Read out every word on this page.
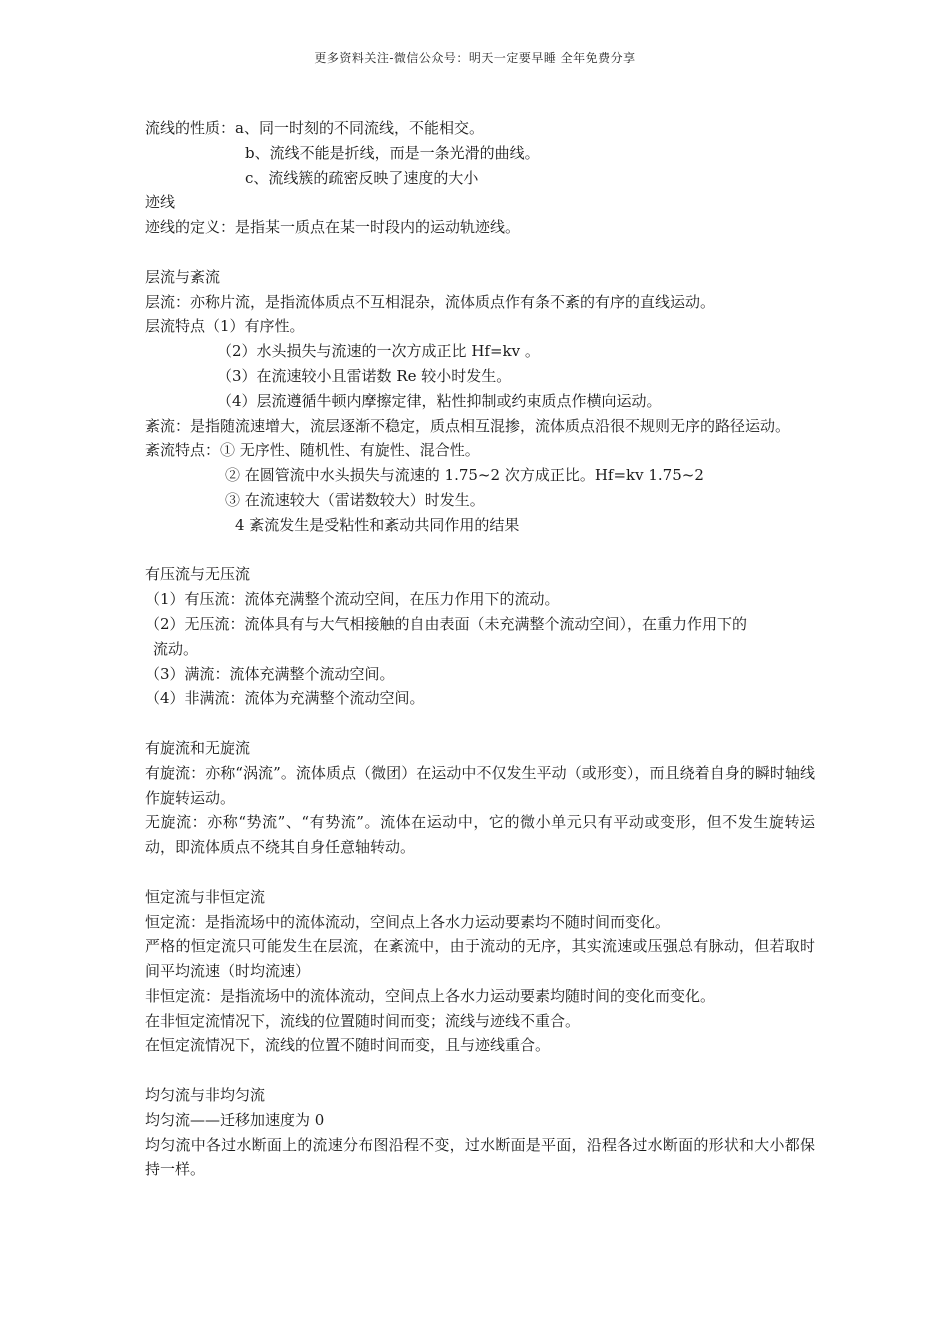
更多资料关注-微信公众号：明天一定要早睡 全年免费分享
流线的性质：a、同一时刻的不同流线，不能相交。
b、流线不能是折线，而是一条光滑的曲线。
c、流线簇的疏密反映了速度的大小
迹线
迹线的定义：是指某一质点在某一时段内的运动轨迹线。
层流与紊流
层流：亦称片流，是指流体质点不互相混杂，流体质点作有条不紊的有序的直线运动。
层流特点（1）有序性。
（2）水头损失与流速的一次方成正比 Hf=kv 。
（3）在流速较小且雷诺数 Re 较小时发生。
（4）层流遵循牛顿内摩擦定律，粘性抑制或约束质点作横向运动。
紊流：是指随流速增大，流层逐渐不稳定，质点相互混掺，流体质点沿很不规则无序的路径运动。
紊流特点：① 无序性、随机性、有旋性、混合性。
② 在圆管流中水头损失与流速的 1.75~2 次方成正比。Hf=kv 1.75~2
③ 在流速较大（雷诺数较大）时发生。
4 紊流发生是受粘性和紊动共同作用的结果
有压流与无压流
（1）有压流：流体充满整个流动空间，在压力作用下的流动。
（2）无压流：流体具有与大气相接触的自由表面（未充满整个流动空间），在重力作用下的
流动。
（3）满流：流体充满整个流动空间。
（4）非满流：流体为充满整个流动空间。
有旋流和无旋流
有旋流：亦称“涡流”。流体质点（微团）在运动中不仅发生平动（或形变），而且绕着自身的瞬时轴线作旋转运动。
无旋流：亦称“势流”、“有势流”。流体在运动中，它的微小单元只有平动或变形，但不发生旋转运动，即流体质点不绕其自身任意轴转动。
恒定流与非恒定流
恒定流：是指流场中的流体流动，空间点上各水力运动要素均不随时间而变化。
严格的恒定流只可能发生在层流，在紊流中，由于流动的无序，其实流速或压强总有脉动，但若取时间平均流速（时均流速）
非恒定流：是指流场中的流体流动，空间点上各水力运动要素均随时间的变化而变化。
在非恒定流情况下，流线的位置随时间而变；流线与迹线不重合。
在恒定流情况下，流线的位置不随时间而变，且与迹线重合。
均匀流与非均匀流
均匀流——迁移加速度为 0
均匀流中各过水断面上的流速分布图沿程不变，过水断面是平面，沿程各过水断面的形状和大小都保持一样。
